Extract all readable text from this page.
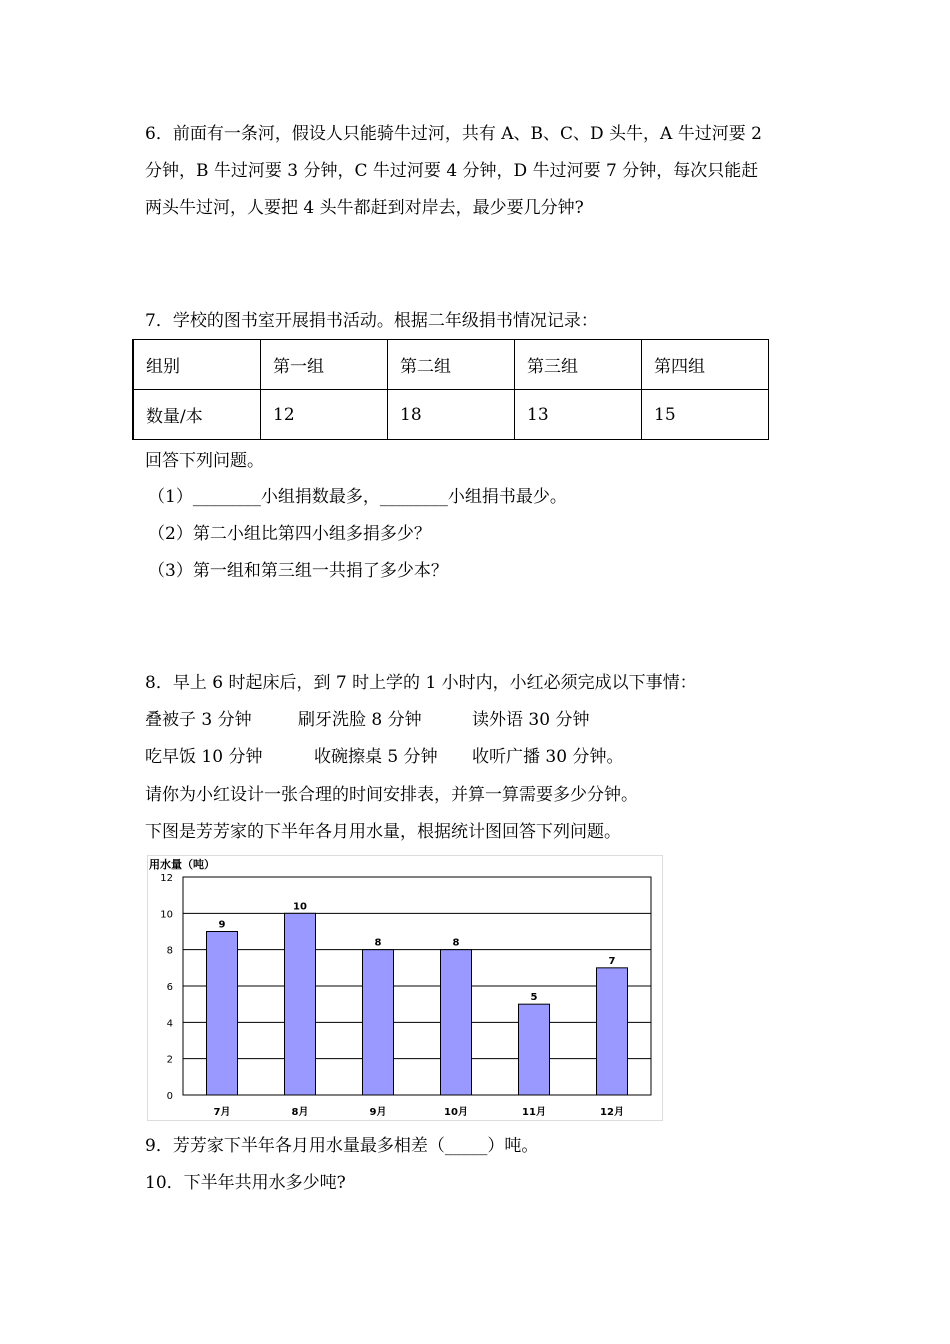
6．前面有一条河，假设人只能骑牛过河，共有 A、B、C、D 头牛，A 牛过河要 2
分钟，B 牛过河要 3 分钟，C 牛过河要 4 分钟，D 牛过河要 7 分钟，每次只能赶
两头牛过河，人要把 4 头牛都赶到对岸去，最少要几分钟?
7．学校的图书室开展捐书活动。根据二年级捐书情况记录：
组别	第一组	第二组	第三组	第四组
数量/本	12	18	13	15
回答下列问题。
（1）________小组捐数最多，________小组捐书最少。
（2）第二小组比第四小组多捐多少？
（3）第一组和第三组一共捐了多少本？
8．早上 6 时起床后，到 7 时上学的 1 小时内，小红必须完成以下事情：
叠被子 3 分钟	刷牙洗脸 8 分钟	读外语 30 分钟
吃早饭 10 分钟	收碗擦桌 5 分钟 收听广播 30 分钟。
请你为小红设计一张合理的时间安排表，并算一算需要多少分钟。
下图是芳芳家的下半年各月用水量，根据统计图回答下列问题。
用水量（吨）
0
2
4
6
8
10
12
9
7月
10
8月
8
9月
8
10月
5
11月
7
12月
9．芳芳家下半年各月用水量最多相差（_____）吨。
10．下半年共用水多少吨?
